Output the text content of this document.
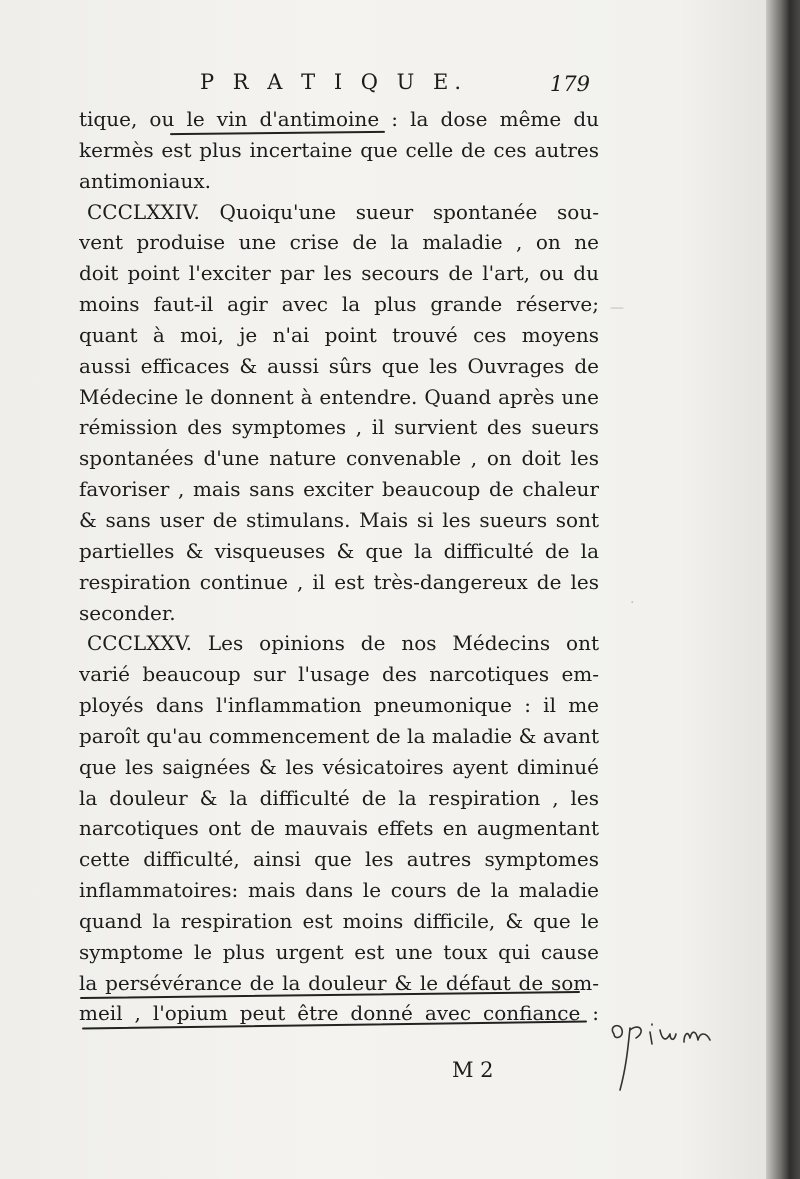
—
·
P R A T I Q U E.	179
tique, ou le vin d'antimoine : la dose même du
kermès est plus incertaine que celle de ces autres
antimoniaux.
CCCLXXIV. Quoiqu'une sueur spontanée sou-
vent produise une crise de la maladie , on ne
doit point l'exciter par les secours de l'art, ou du
moins faut-il agir avec la plus grande réserve;
quant à moi, je n'ai point trouvé ces moyens
aussi efficaces & aussi sûrs que les Ouvrages de
Médecine le donnent à entendre. Quand après une
rémission des symptomes , il survient des sueurs
spontanées d'une nature convenable , on doit les
favoriser , mais sans exciter beaucoup de chaleur
& sans user de stimulans. Mais si les sueurs sont
partielles & visqueuses & que la difficulté de la
respiration continue , il est très-dangereux de les
seconder.
CCCLXXV. Les opinions de nos Médecins ont
varié beaucoup sur l'usage des narcotiques em-
ployés dans l'inflammation pneumonique : il me
paroît qu'au commencement de la maladie & avant
que les saignées & les vésicatoires ayent diminué
la douleur & la difficulté de la respiration , les
narcotiques ont de mauvais effets en augmentant
cette difficulté, ainsi que les autres symptomes
inflammatoires: mais dans le cours de la maladie
quand la respiration est moins difficile, & que le
symptome le plus urgent est une toux qui cause
la persévérance de la douleur & le défaut de som-
meil , l'opium peut être donné avec confiance :
M 2
